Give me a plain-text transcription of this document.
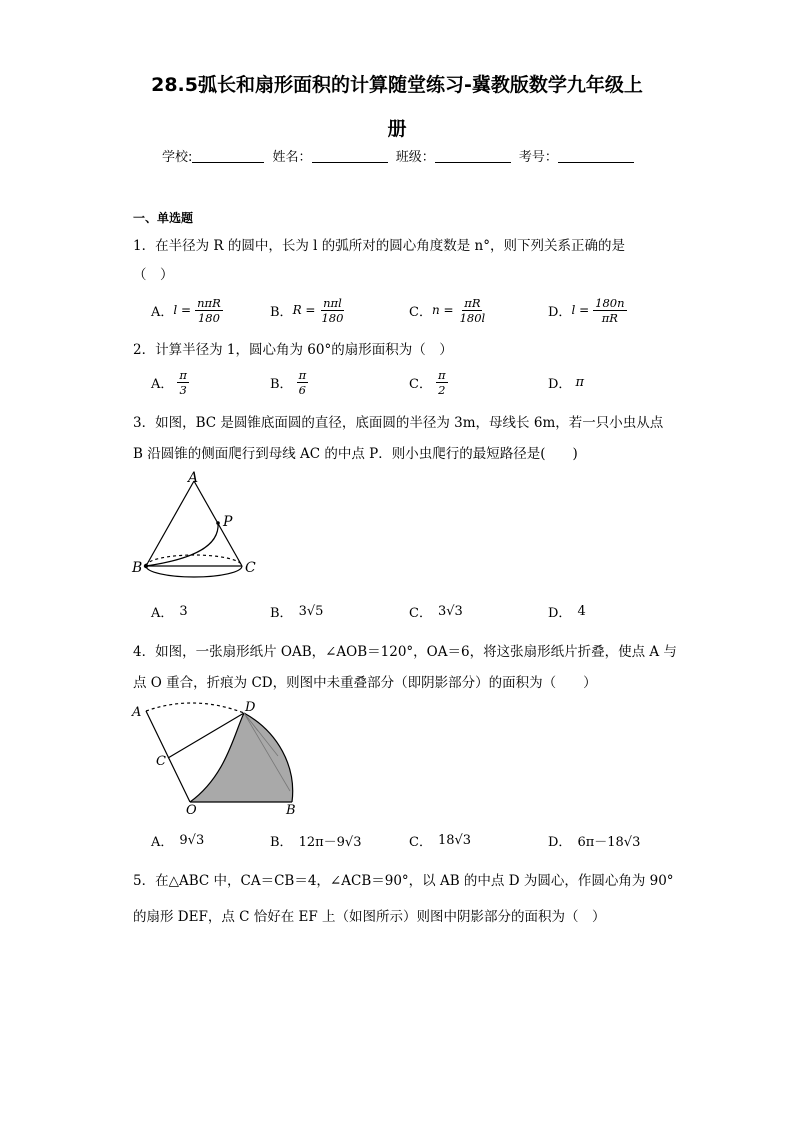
28.5弧长和扇形面积的计算随堂练习-冀教版数学九年级上
册
学校:	姓名：	班级：	考号：
一、单选题
1．在半径为 R 的圆中，长为 l 的弧所对的圆心角度数是 n°，则下列关系正确的是
（　）
A． $l = \frac{\text{nπR}}{180}$	B． $R = \frac{\text{nπl}}{180}$	C． $n = \frac{\pi R}{180l}$	D． $l = \frac{180n}{\pi R}$
2．计算半径为 1，圆心角为 60°的扇形面积为（　）
A． $\frac{\pi}{3}$	B． $\frac{\pi}{6}$	C． $\frac{\pi}{2}$	D． π
3．如图，BC 是圆锥底面圆的直径，底面圆的半径为 3m，母线长 6m，若一只小虫从点
B 沿圆锥的侧面爬行到母线 AC 的中点 P．则小虫爬行的最短路径是(　　)
A
B	C
P
A． 3	B． 3√5	C． 3√3	D． 4
4．如图，一张扇形纸片 OAB，∠AOB＝120°，OA＝6，将这张扇形纸片折叠，使点 A 与
点 O 重合，折痕为 CD，则图中未重叠部分（即阴影部分）的面积为（　　）
A
C
D
O	B
A． 9√3	B． 12π－9√3	C． 18√3	D． 6π－18√3
5．在△ABC 中，CA＝CB＝4，∠ACB＝90°，以 AB 的中点 D 为圆心，作圆心角为 90°
的扇形 DEF，点 C 恰好在 EF 上（如图所示）则图中阴影部分的面积为（　）
